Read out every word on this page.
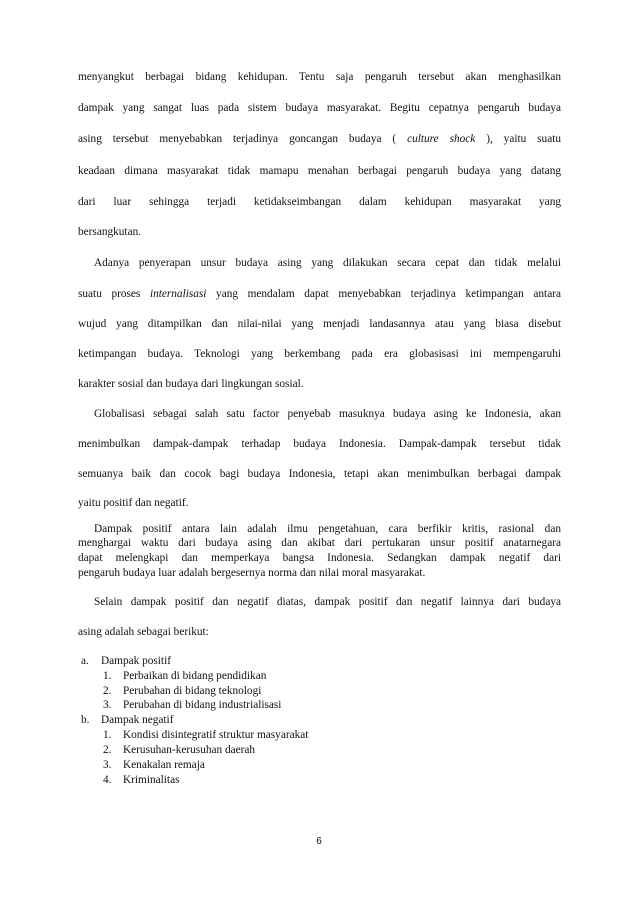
menyangkut berbagai bidang kehidupan. Tentu saja pengaruh tersebut akan menghasilkan
dampak yang sangat luas pada sistem budaya masyarakat. Begitu cepatnya pengaruh budaya
asing tersebut menyebabkan terjadinya goncangan budaya ( culture shock ), yaitu suatu
keadaan dimana masyarakat tidak mamapu menahan berbagai pengaruh budaya yang datang
dari luar sehingga terjadi ketidakseimbangan dalam kehidupan masyarakat yang
bersangkutan.
Adanya penyerapan unsur budaya asing yang dilakukan secara cepat dan tidak melalui
suatu proses internalisasi yang mendalam dapat menyebabkan terjadinya ketimpangan antara
wujud yang ditampilkan dan nilai-nilai yang menjadi landasannya atau yang biasa disebut
ketimpangan budaya. Teknologi yang berkembang pada era globasisasi ini mempengaruhi
karakter sosial dan budaya dari lingkungan sosial.
Globalisasi sebagai salah satu factor penyebab masuknya budaya asing ke Indonesia, akan
menimbulkan dampak-dampak terhadap budaya Indonesia. Dampak-dampak tersebut tidak
semuanya baik dan cocok bagi budaya Indonesia, tetapi akan menimbulkan berbagai dampak
yaitu positif dan negatif.
Dampak positif antara lain adalah ilmu pengetahuan, cara berfikir kritis, rasional dan
menghargai waktu dari budaya asing dan akibat dari pertukaran unsur positif anatarnegara
dapat melengkapi dan memperkaya bangsa Indonesia. Sedangkan dampak negatif dari
pengaruh budaya luar adalah bergesernya norma dan nilai moral masyarakat.
Selain dampak positif dan negatif diatas, dampak positif dan negatif lainnya dari budaya
asing adalah sebagai berikut:
a. Dampak positif
1. Perbaikan di bidang pendidikan
2. Perubahan di bidang teknologi
3. Perubahan di bidang industrialisasi
b. Dampak negatif
1. Kondisi disintegratif struktur masyarakat
2. Kerusuhan-kerusuhan daerah
3. Kenakalan remaja
4. Kriminalitas
6
